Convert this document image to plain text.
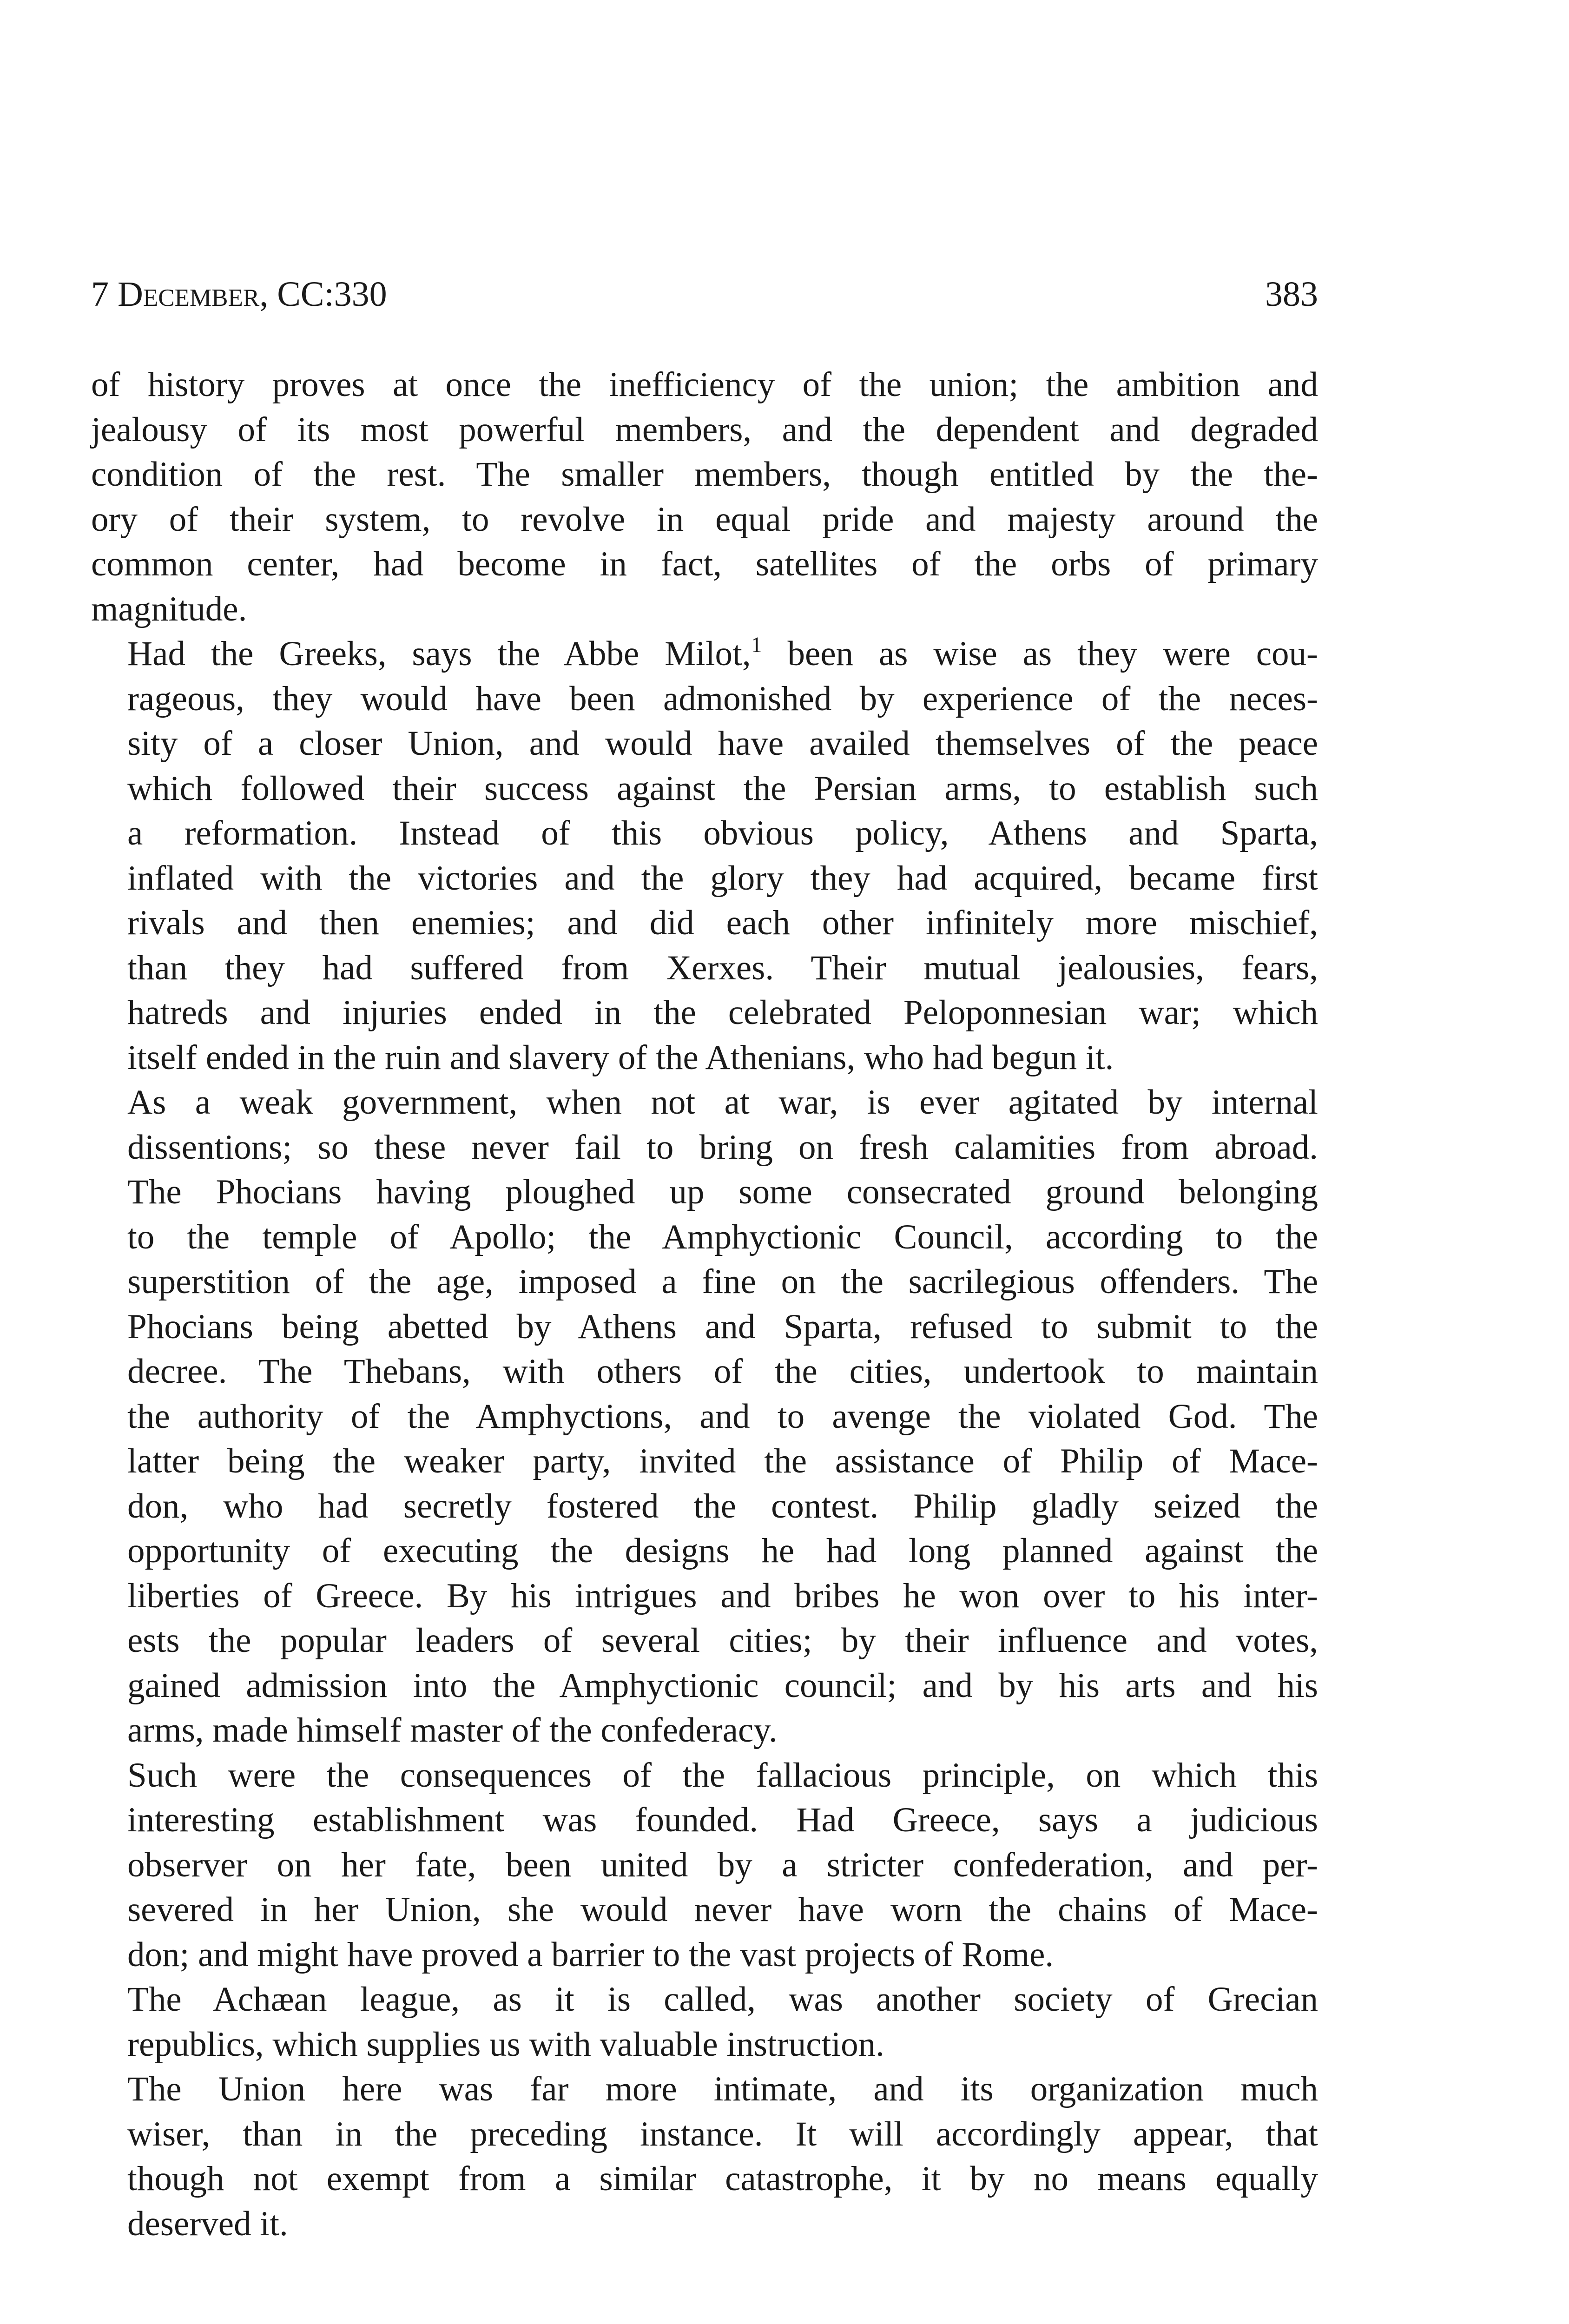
7 December, CC:330	383

of history proves at once the inefficiency of the union; the ambition and
jealousy of its most powerful members, and the dependent and degraded
condition of the rest. The smaller members, though entitled by the the-
ory of their system, to revolve in equal pride and majesty around the
common center, had become in fact, satellites of the orbs of primary
magnitude.

Had the Greeks, says the Abbe Milot,$^1$ been as wise as they were cou-
rageous, they would have been admonished by experience of the neces-
sity of a closer Union, and would have availed themselves of the peace
which followed their success against the Persian arms, to establish such
a reformation. Instead of this obvious policy, Athens and Sparta,
inflated with the victories and the glory they had acquired, became first
rivals and then enemies; and did each other infinitely more mischief,
than they had suffered from Xerxes. Their mutual jealousies, fears,
hatreds and injuries ended in the celebrated Peloponnesian war; which
itself ended in the ruin and slavery of the Athenians, who had begun it.

As a weak government, when not at war, is ever agitated by internal
dissentions; so these never fail to bring on fresh calamities from abroad.
The Phocians having ploughed up some consecrated ground belonging
to the temple of Apollo; the Amphyctionic Council, according to the
superstition of the age, imposed a fine on the sacrilegious offenders. The
Phocians being abetted by Athens and Sparta, refused to submit to the
decree. The Thebans, with others of the cities, undertook to maintain
the authority of the Amphyctions, and to avenge the violated God. The
latter being the weaker party, invited the assistance of Philip of Mace-
don, who had secretly fostered the contest. Philip gladly seized the
opportunity of executing the designs he had long planned against the
liberties of Greece. By his intrigues and bribes he won over to his inter-
ests the popular leaders of several cities; by their influence and votes,
gained admission into the Amphyctionic council; and by his arts and his
arms, made himself master of the confederacy.

Such were the consequences of the fallacious principle, on which this
interesting establishment was founded. Had Greece, says a judicious
observer on her fate, been united by a stricter confederation, and per-
severed in her Union, she would never have worn the chains of Mace-
don; and might have proved a barrier to the vast projects of Rome.

The Achæan league, as it is called, was another society of Grecian
republics, which supplies us with valuable instruction.

The Union here was far more intimate, and its organization much
wiser, than in the preceding instance. It will accordingly appear, that
though not exempt from a similar catastrophe, it by no means equally
deserved it.
